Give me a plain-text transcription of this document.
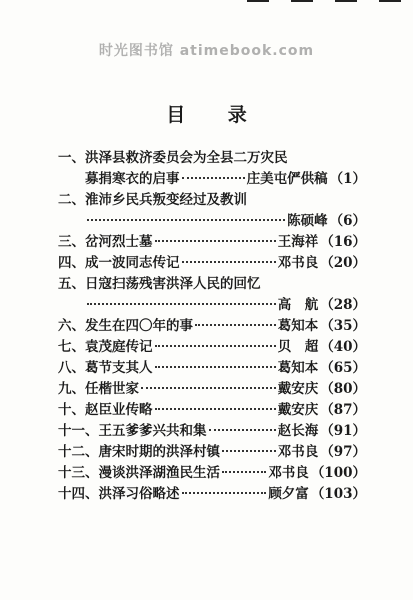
时光图书馆 atimebook.com
目 录
一、 洪泽县救济委员会为全县二万灾民
募捐寒衣的启事	庄美屯俨供稿 （1）
二、 淮沛乡民兵叛变经过及教训
陈硕峰 （6）
三、 岔河烈士墓	王海祥 （16）
四、 成一波同志传记	邓书良 （20）
五、 日寇扫荡残害洪泽人民的回忆
高　航 （28）
六、 发生在四〇年的事	葛知本 （35）
七、 袁茂庭传记	贝　超 （40）
八、 葛节支其人	葛知本 （65）
九、 任楷世家	戴安庆 （80）
十、 赵臣业传略	戴安庆 （87）
十一、 王五爹爹兴共和集	赵长海 （91）
十二、 唐宋时期的洪泽村镇	邓书良 （97）
十三、 漫谈洪泽湖渔民生活	邓书良 （100）
十四、 洪泽习俗略述	顾夕富 （103）
